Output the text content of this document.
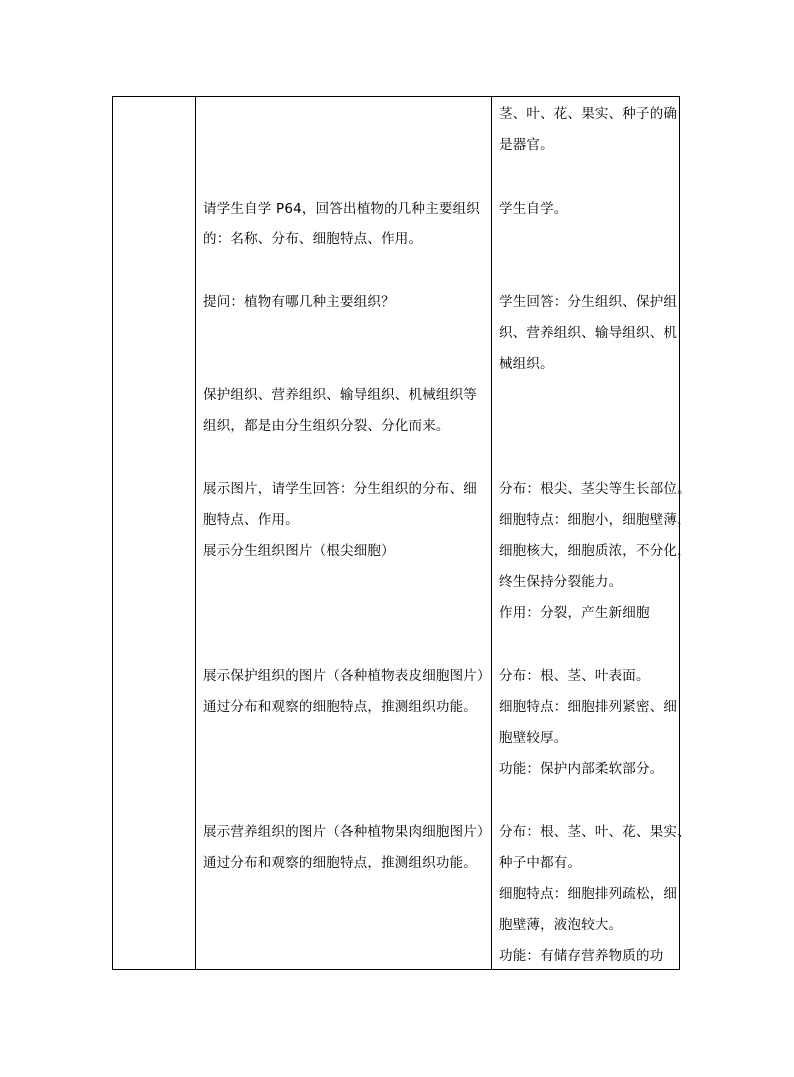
茎、叶、花、果实、种子的确
是器官。
请学生自学 P64，回答出植物的几种主要组织
的：名称、分布、细胞特点、作用。
学生自学。
提问：植物有哪几种主要组织？	学生回答：分生组织、保护组
织、营养组织、输导组织、机
械组织。
保护组织、营养组织、输导组织、机械组织等
组织，都是由分生组织分裂、分化而来。
展示图片，请学生回答：分生组织的分布、细
胞特点、作用。
展示分生组织图片（根尖细胞）
分布：根尖、茎尖等生长部位。
细胞特点：细胞小，细胞壁薄，
细胞核大，细胞质浓，不分化，
终生保持分裂能力。
作用：分裂，产生新细胞
展示保护组织的图片（各种植物表皮细胞图片）
通过分布和观察的细胞特点，推测组织功能。
分布：根、茎、叶表面。
细胞特点：细胞排列紧密、细
胞壁较厚。
功能：保护内部柔软部分。
展示营养组织的图片（各种植物果肉细胞图片）
通过分布和观察的细胞特点，推测组织功能。
分布：根、茎、叶、花、果实、
种子中都有。
细胞特点：细胞排列疏松，细
胞壁薄，液泡较大。
功能：有储存营养物质的功
